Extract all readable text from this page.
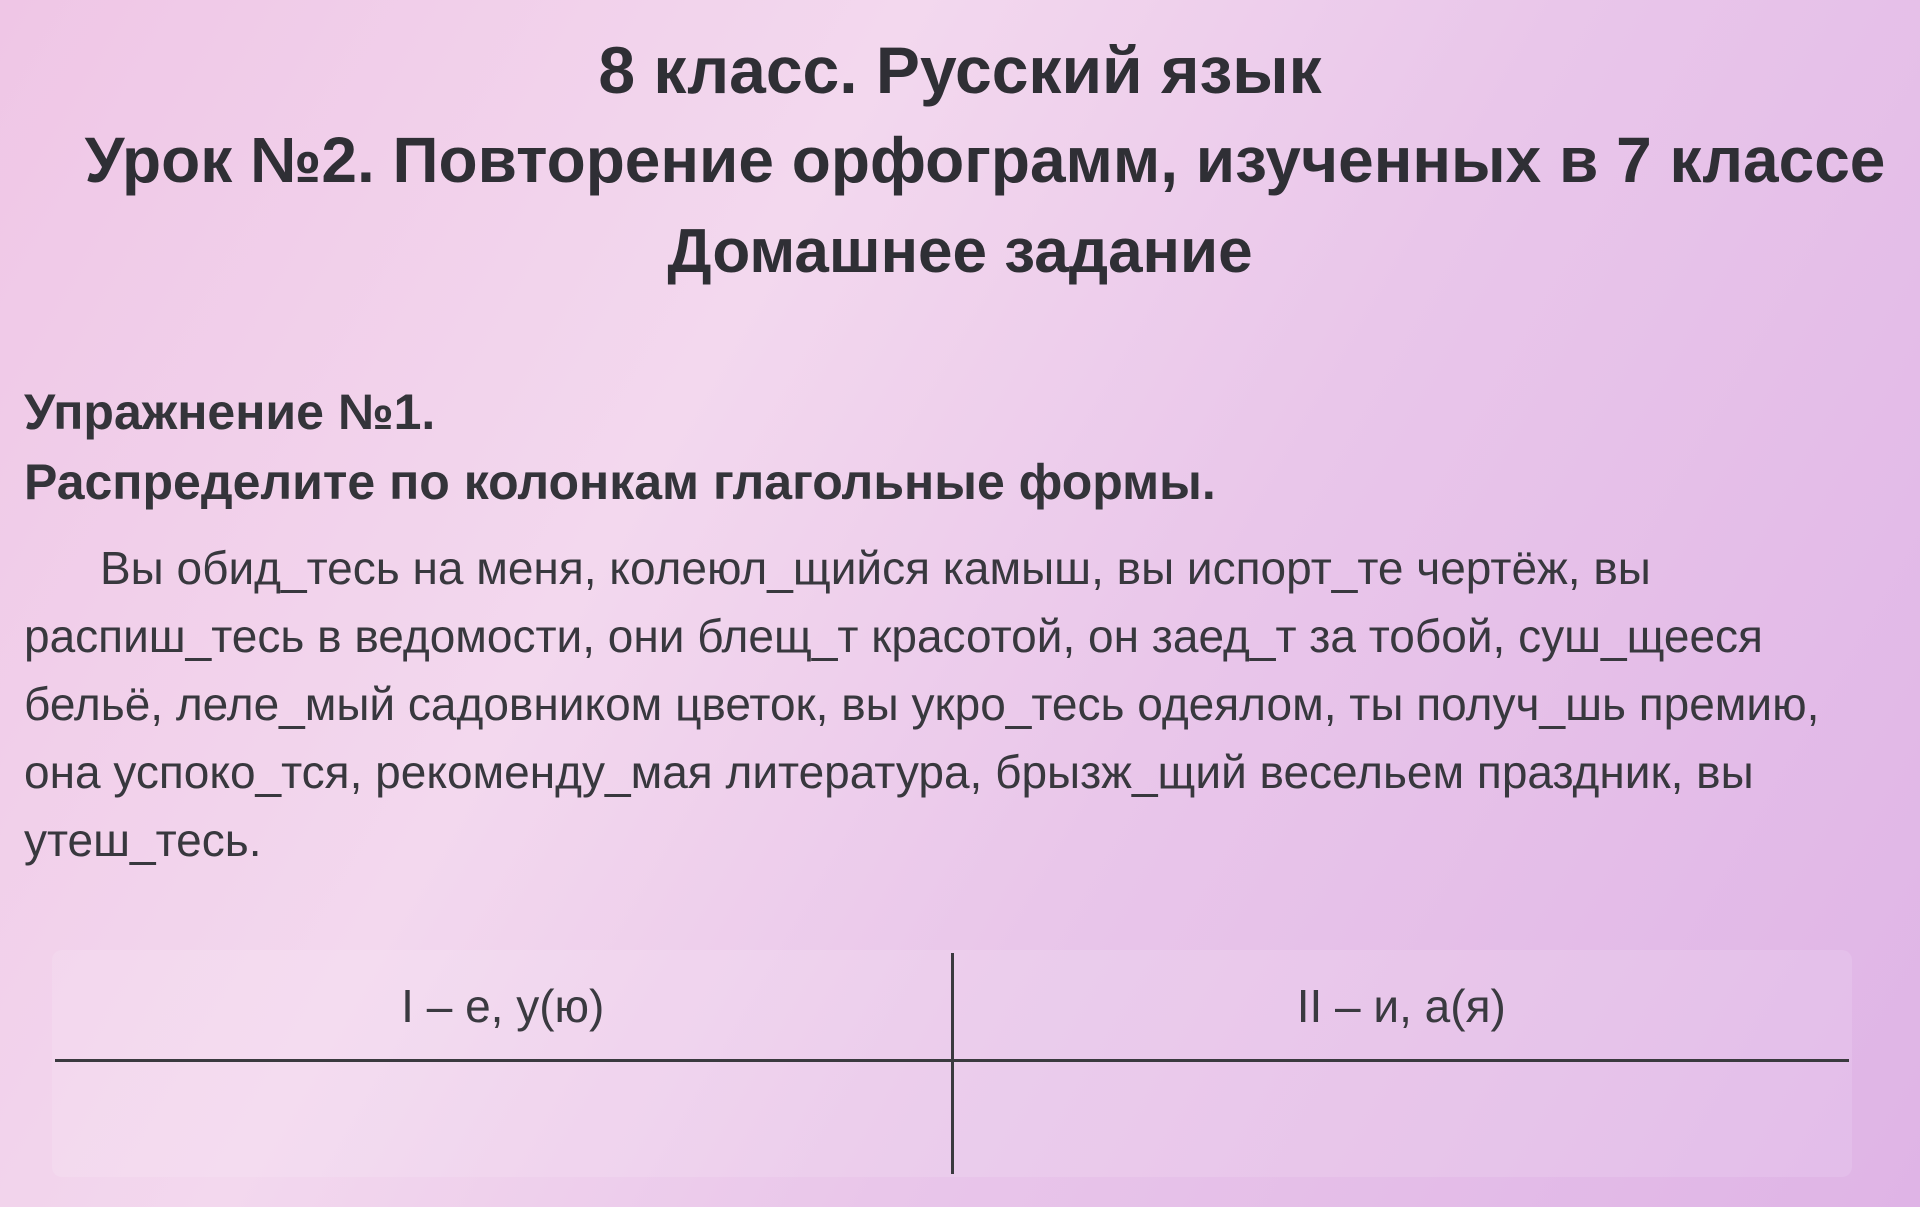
8 класс. Русский язык
Урок №2. Повторение орфограмм, изученных в 7 классе
Домашнее задание
Упражнение №1.
Распределите по колонкам глагольные формы.
Вы обид_тесь на меня, колеюл_щийся камыш, вы испорт_те чертёж, вы распиш_тесь в ведомости, они блещ_т красотой, он заед_т за тобой, суш_щееся бельё, леле_мый садовником цветок, вы укро_тесь одеялом, ты получ_шь премию, она успоко_тся, рекоменду_мая литература, брызж_щий весельем праздник, вы утеш_тесь.
I – е, у(ю)	II – и, а(я)
